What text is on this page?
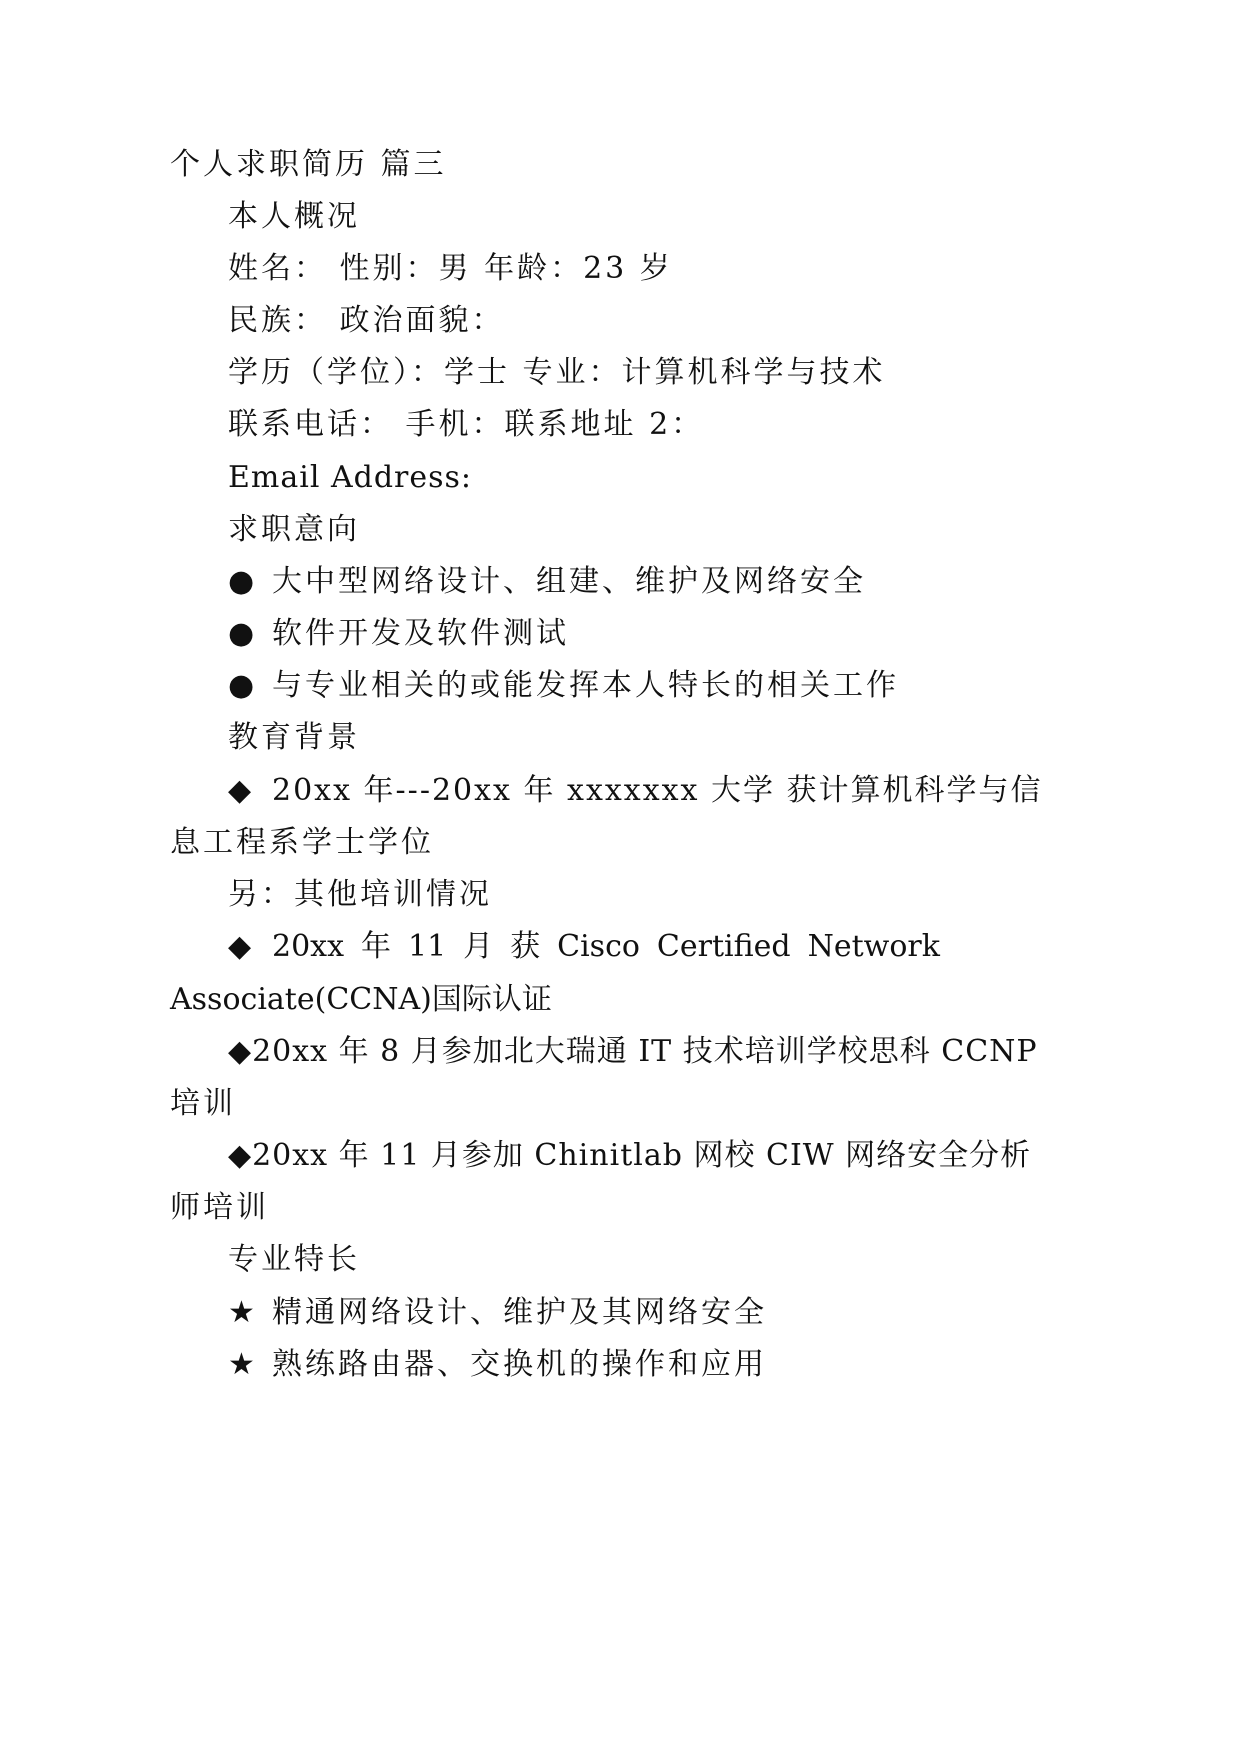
个人求职简历 篇三
本人概况
姓名： 性别：男 年龄：23 岁
民族： 政治面貌：
学历（学位）：学士 专业：计算机科学与技术
联系电话： 手机：联系地址 2：
Email Address:
求职意向
● 大中型网络设计、组建、维护及网络安全
● 软件开发及软件测试
● 与专业相关的或能发挥本人特长的相关工作
教育背景
◆ 20xx 年---20xx 年 xxxxxxx 大学 获计算机科学与信
息工程系学士学位
另：其他培训情况
◆ 20xx 年 11 月 获 Cisco Certified Network
Associate(CCNA)国际认证
◆20xx 年 8 月参加北大瑞通 IT 技术培训学校思科 CCNP
培训
◆20xx 年 11 月参加 Chinitlab 网校 CIW 网络安全分析
师培训
专业特长
★ 精通网络设计、维护及其网络安全
★ 熟练路由器、交换机的操作和应用
